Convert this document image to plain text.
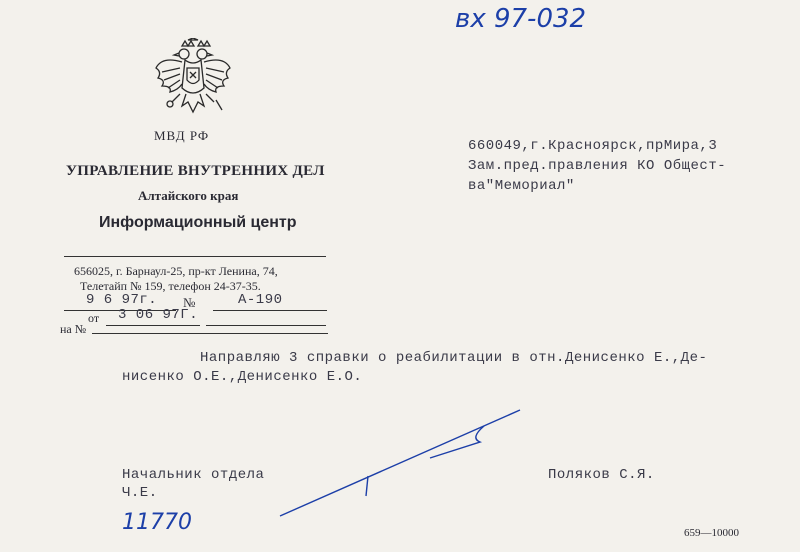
вх 97-032
МВД РФ
УПРАВЛЕНИЕ ВНУТРЕННИХ ДЕЛ
Алтайского края
Информационный центр
656025, г. Барнаул-25, пр-кт Ленина, 74,
Телетайп № 159, телефон 24-37-35.
9 6 97г. №	А-190
от 3 06 97Г.
на №
660049,г.Красноярск,прМира,3
Зам.пред.правления КО Общест-
ва"Мемориал"
Направляю 3 справки о реабилитации в отн.Денисенко Е.,Де-
нисенко О.Е.,Денисенко Е.О.
Начальник отдела
Ч.Е.
Поляков С.Я.
11770	659—10000
